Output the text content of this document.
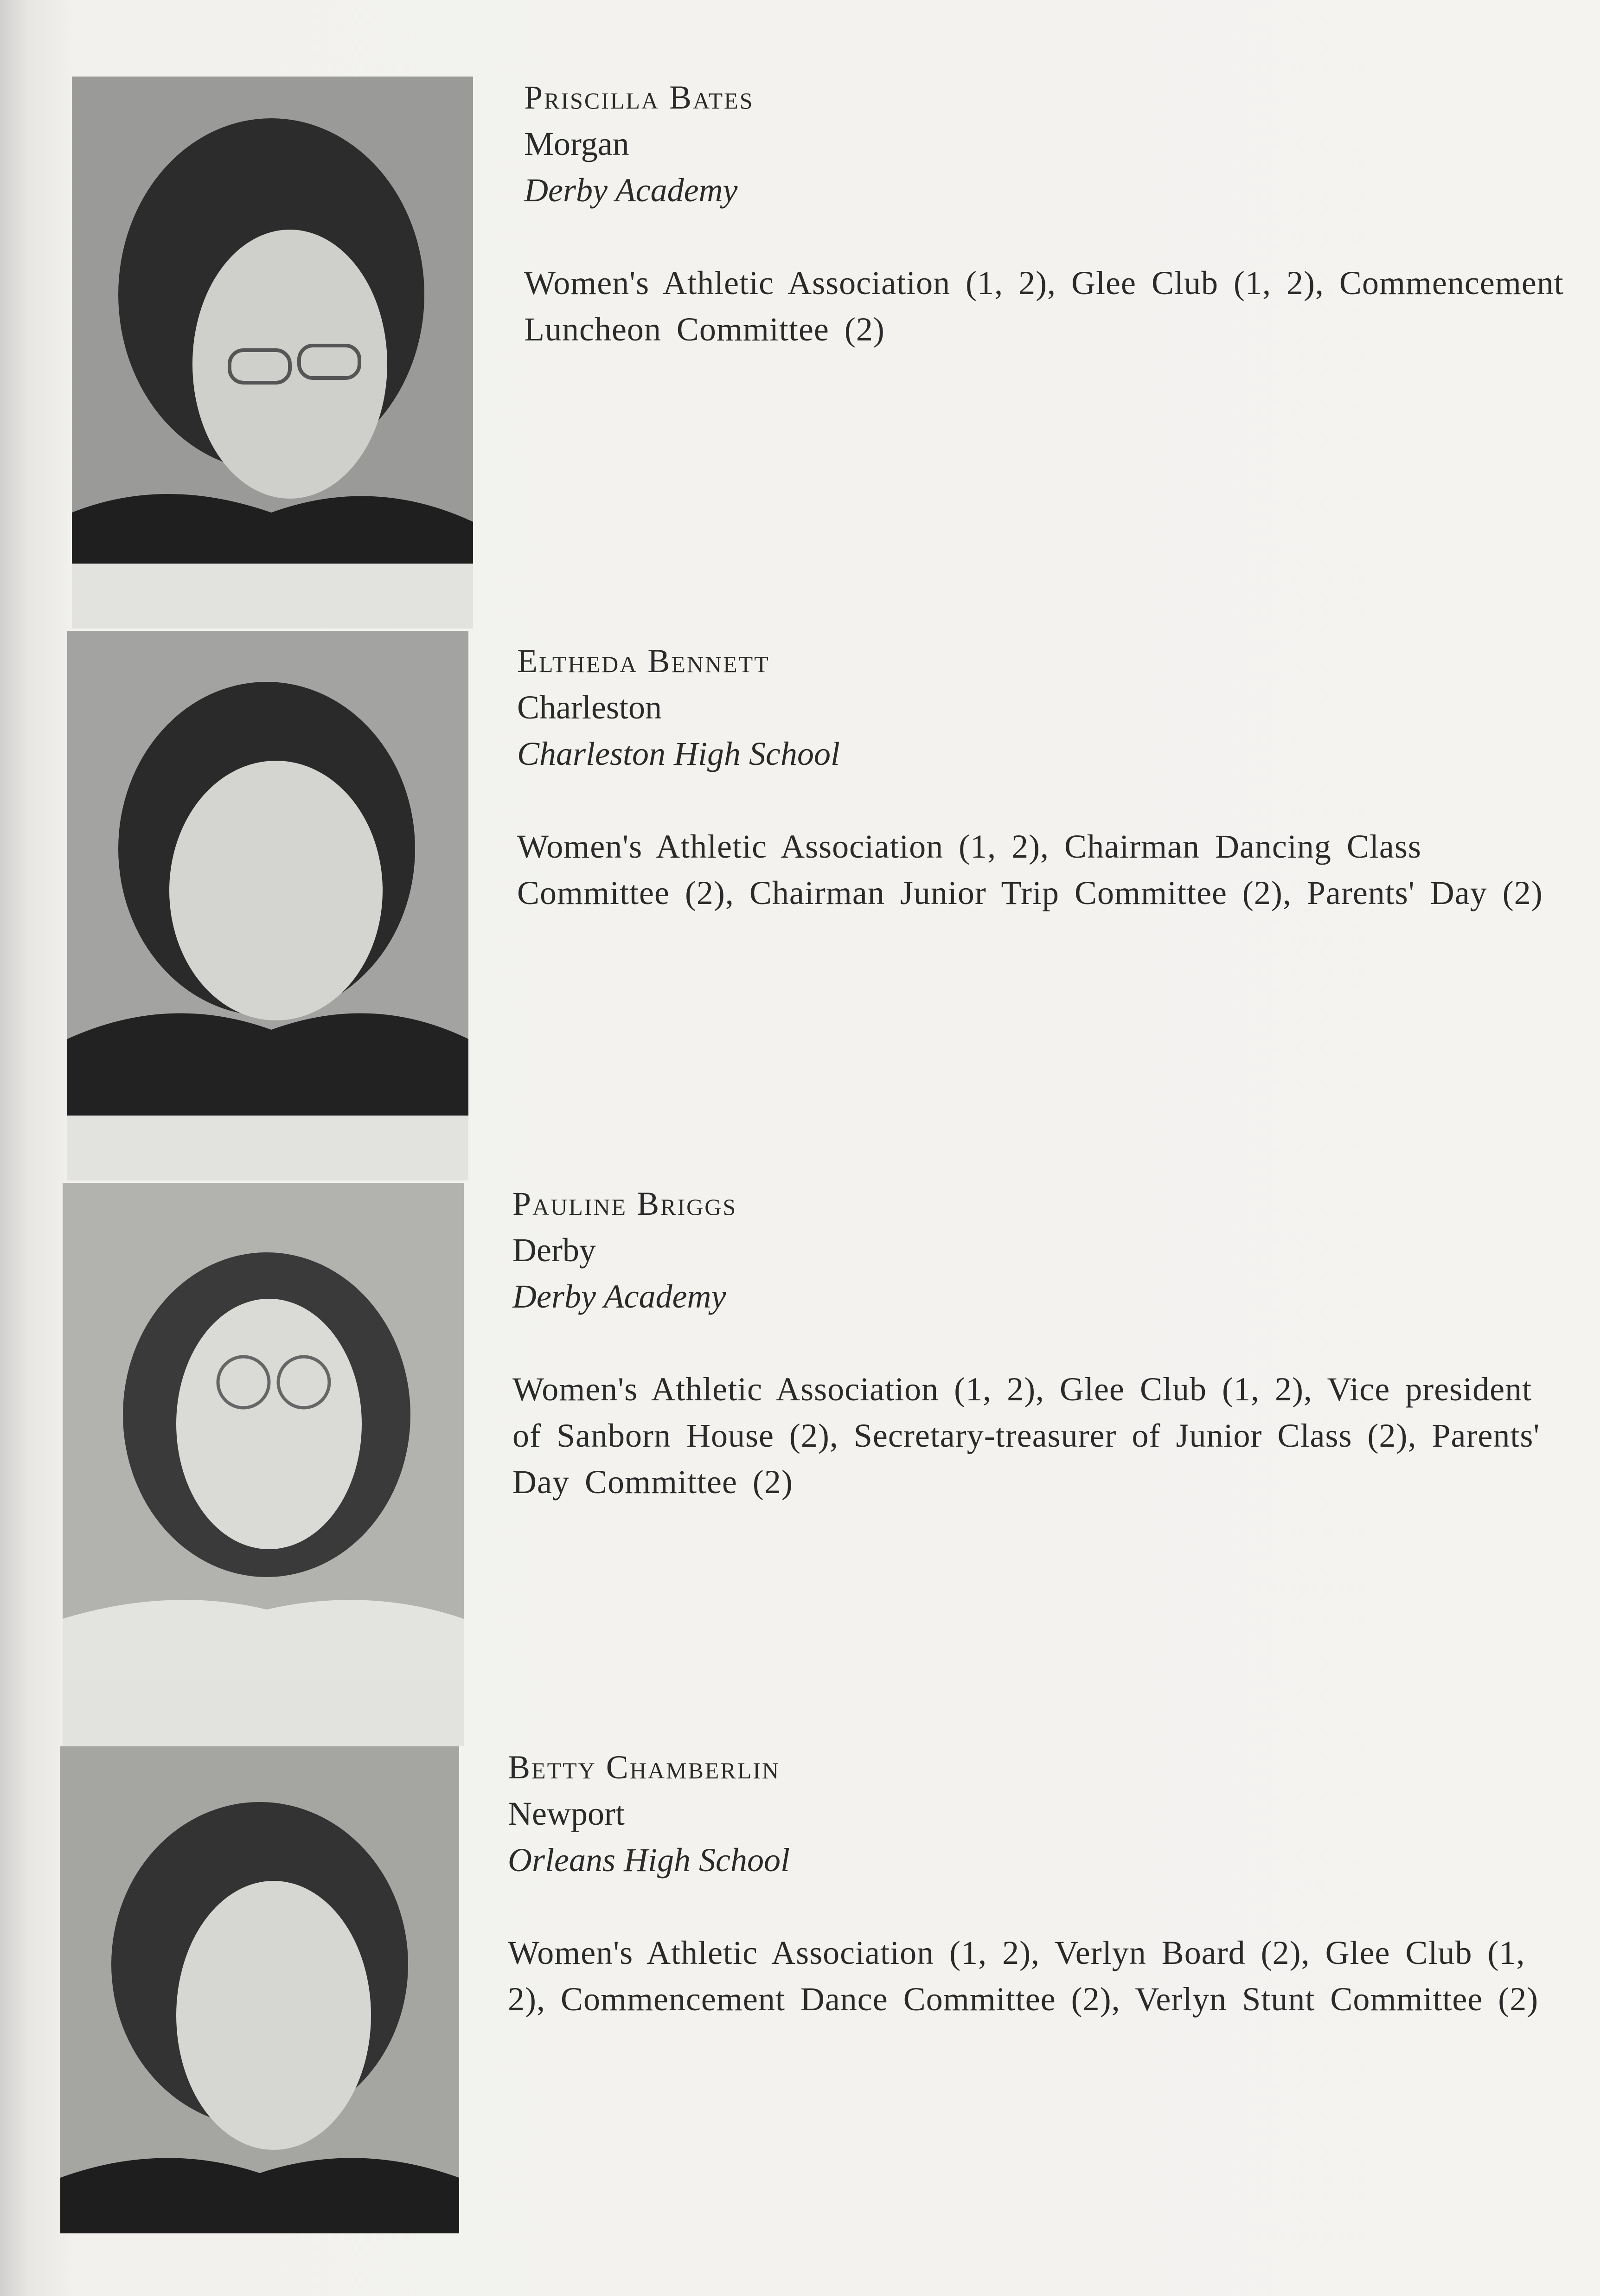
Priscilla Bates

Morgan

Derby Academy

Women's Athletic Association (1, 2), Glee Club (1, 2), Commencement Luncheon Committee (2)

Eltheda Bennett

Charleston

Charleston High School

Women's Athletic Association (1, 2), Chairman Dancing Class Committee (2), Chairman Junior Trip Committee (2), Parents' Day (2)

Pauline Briggs

Derby

Derby Academy

Women's Athletic Association (1, 2), Glee Club (1, 2), Vice president of Sanborn House (2), Secretary-treasurer of Junior Class (2), Parents' Day Committee (2)

Betty Chamberlin

Newport

Orleans High School

Women's Athletic Association (1, 2), Verlyn Board (2), Glee Club (1, 2), Commencement Dance Committee (2), Verlyn Stunt Committee (2)
